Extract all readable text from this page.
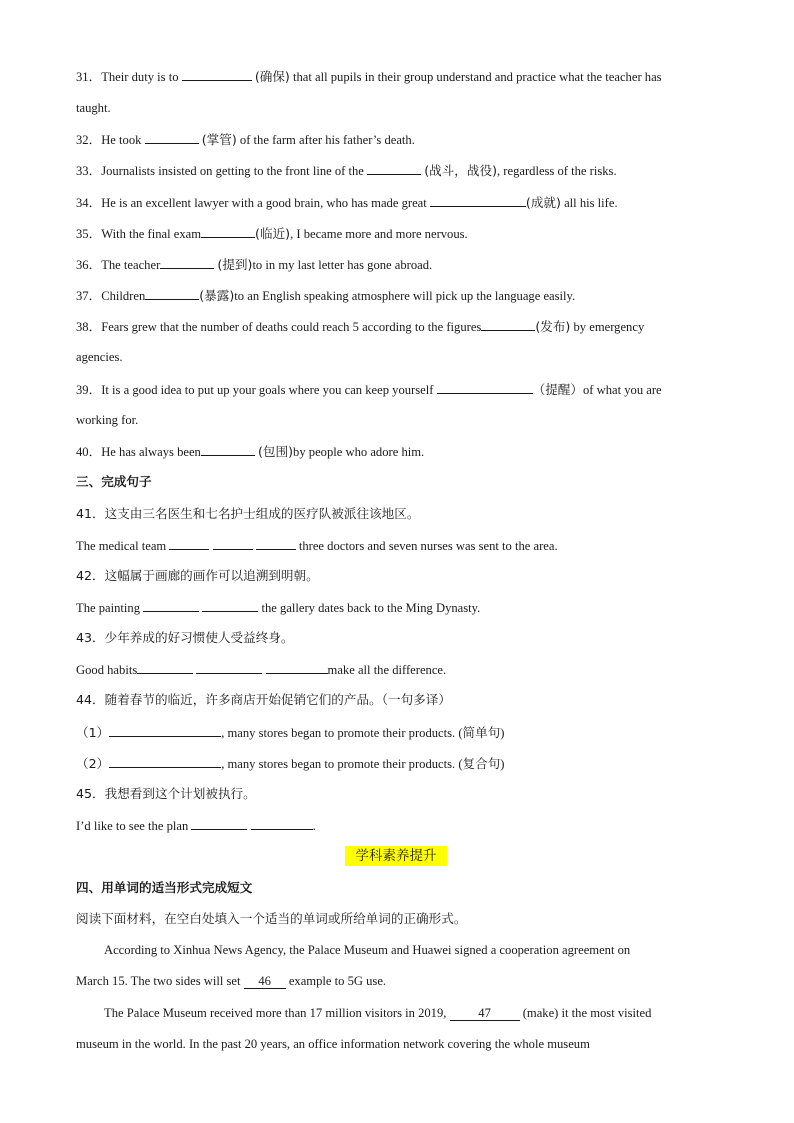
31．Their duty is to	(确保) that all pupils in their group understand and practice what the teacher has
taught.
32．He took	(掌管) of the farm after his father’s death.
33．Journalists insisted on getting to the front line of the	(战斗，战役), regardless of the risks.
34．He is an excellent lawyer with a good brain, who has made great	(成就) all his life.
35．With the final exam	(临近), I became more and more nervous.
36．The teacher	(提到)to in my last letter has gone abroad.
37．Children	(暴露)to an English speaking atmosphere will pick up the language easily.
38．Fears grew that the number of deaths could reach 5 according to the figures	(发布) by emergency
agencies.
39．It is a good idea to put up your goals where you can keep yourself	（提醒）of what you are
working for.
40．He has always been	(包围)by people who adore him.
三、完成句子
41．这支由三名医生和七名护士组成的医疗队被派往该地区。
The medical team	three doctors and seven nurses was sent to the area.
42．这幅属于画廊的画作可以追溯到明朝。
The painting	the gallery dates back to the Ming Dynasty.
43．少年养成的好习惯使人受益终身。
Good habits	make all the difference.
44．随着春节的临近，许多商店开始促销它们的产品。（一句多译）
（1）	, many stores began to promote their products. (简单句)
（2）	, many stores began to promote their products. (复合句)
45．我想看到这个计划被执行。
I’d like to see the plan	.
学科素养提升
四、用单词的适当形式完成短文
阅读下面材料，在空白处填入一个适当的单词或所给单词的正确形式。
According to Xinhua News Agency, the Palace Museum and Huawei signed a cooperation agreement on
March 15. The two sides will set 46 example to 5G use.
The Palace Museum received more than 17 million visitors in 2019,	47	(make) it the most visited
museum in the world. In the past 20 years, an office information network covering the whole museum
